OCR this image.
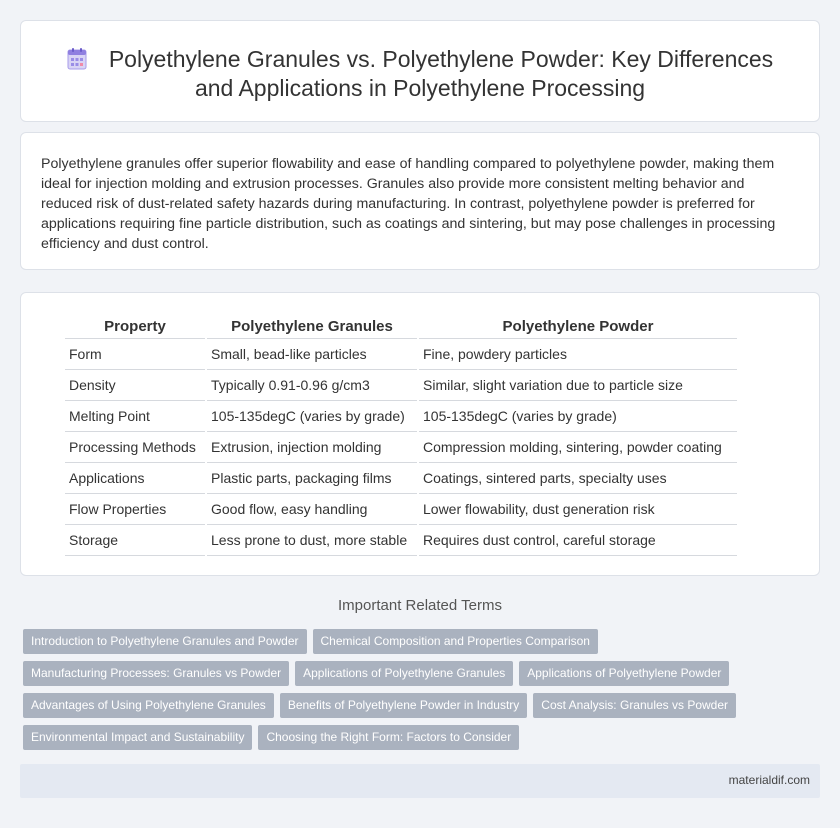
Polyethylene Granules vs. Polyethylene Powder: Key Differences
and Applications in Polyethylene Processing

Polyethylene granules offer superior flowability and ease of handling compared to polyethylene powder, making them ideal for injection molding and extrusion processes. Granules also provide more consistent melting behavior and reduced risk of dust-related safety hazards during manufacturing. In contrast, polyethylene powder is preferred for applications requiring fine particle distribution, such as coatings and sintering, but may pose challenges in processing efficiency and dust control.

Property	Polyethylene Granules	Polyethylene Powder
Form	Small, bead-like particles	Fine, powdery particles
Density	Typically 0.91-0.96 g/cm3	Similar, slight variation due to particle size
Melting Point	105-135degC (varies by grade)	105-135degC (varies by grade)
Processing Methods	Extrusion, injection molding	Compression molding, sintering, powder coating
Applications	Plastic parts, packaging films	Coatings, sintered parts, specialty uses
Flow Properties	Good flow, easy handling	Lower flowability, dust generation risk
Storage	Less prone to dust, more stable	Requires dust control, careful storage
Important Related Terms
Introduction to Polyethylene Granules and Powder Chemical Composition and Properties Comparison
Manufacturing Processes: Granules vs Powder Applications of Polyethylene Granules Applications of Polyethylene Powder
Advantages of Using Polyethylene Granules Benefits of Polyethylene Powder in Industry Cost Analysis: Granules vs Powder
Environmental Impact and Sustainability Choosing the Right Form: Factors to Consider
materialdif.com
